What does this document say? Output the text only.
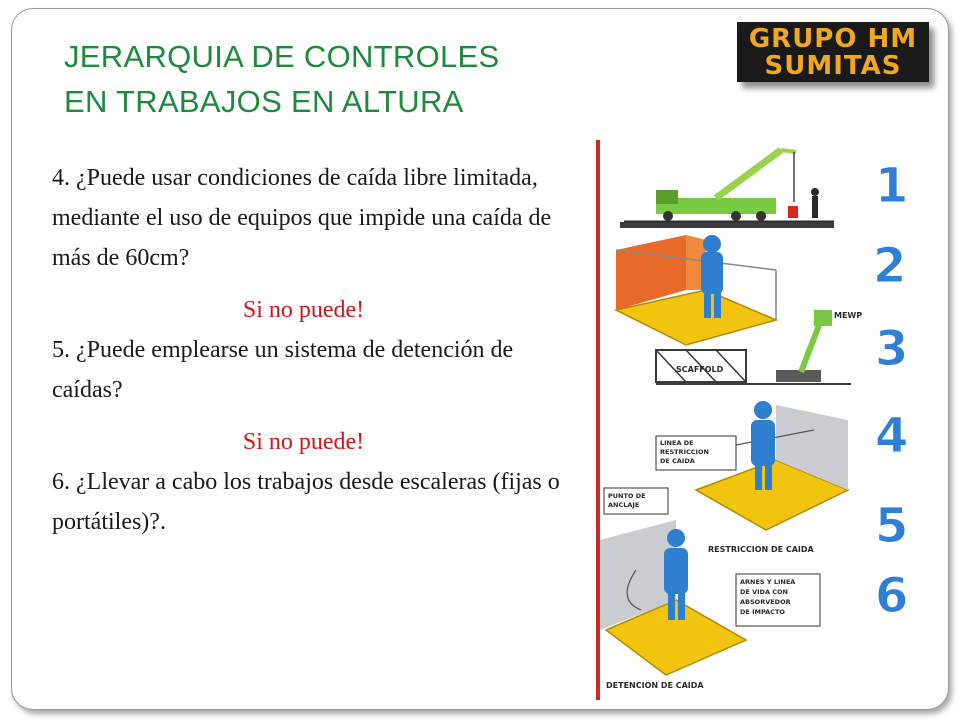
JERARQUIA DE CONTROLES
EN TRABAJOS EN ALTURA
GRUPO HM
SUMITAS

4. ¿Puede usar condiciones de caída libre limitada, mediante el uso de equipos que impide una caída de más de 60cm?

Si no puede!

5. ¿Puede emplearse un sistema de detención de caídas?

Si no puede!

6. ¿Llevar a cabo los trabajos desde escaleras (fijas o portátiles)?.

SCAFFOLD
MEWP
LINEA DE RESTRICCION DE CAIDA
RESTRICCION DE CAIDA
PUNTO DE ANCLAJE
ARNES Y LINEA DE VIDA CON ABSORVEDOR DE IMPACTO
DETENCION DE CAIDA
1
2
3
4
5
6
